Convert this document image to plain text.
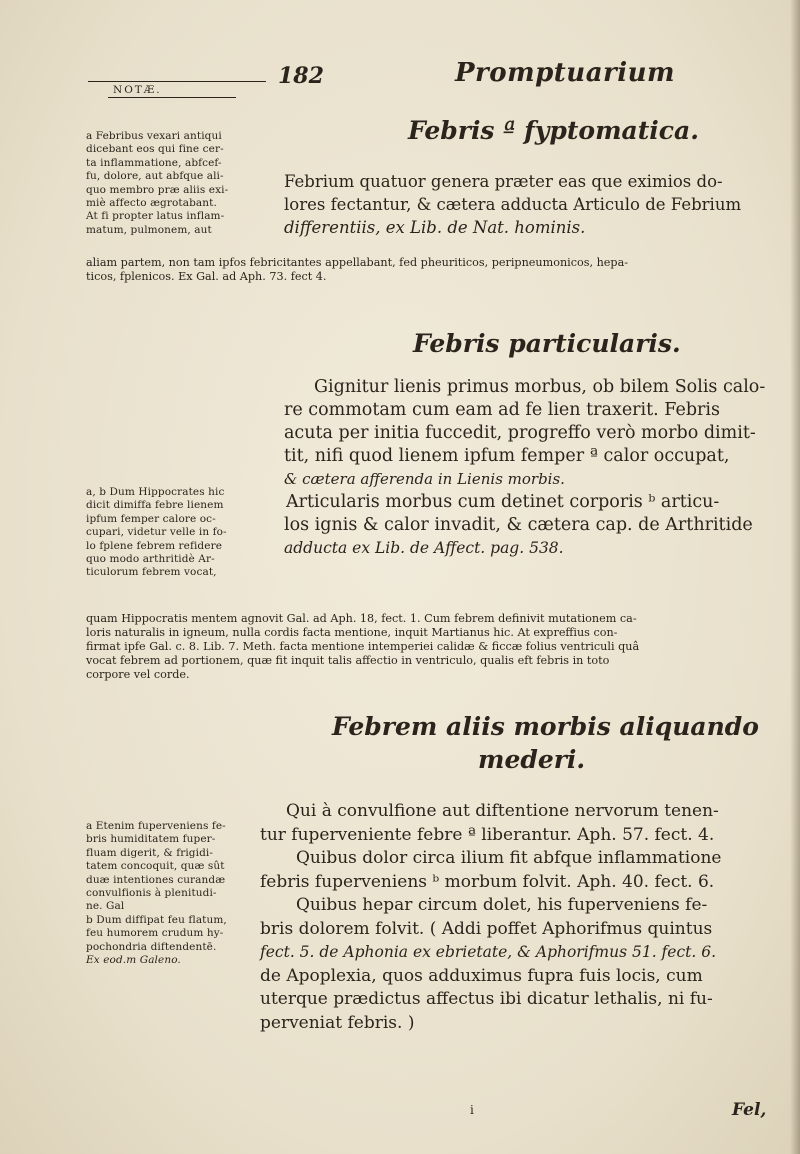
NOTÆ.
182	Promptuarium
Febris ª fyptomatica.
a Febribus vexari antiqui
dicebant eos qui fine cer-
ta inflammatione, abfcef-
fu, dolore, aut abfque ali-
quo membro præ aliis exi-
miè affecto ægrotabant.
At fi propter latus inflam-
matum, pulmonem, aut
Febrium quatuor genera præter eas que eximios do-
lores fectantur, & cætera adducta Articulo de Febrium
differentiis, ex Lib. de Nat. hominis.
aliam partem, non tam ipfos febricitantes appellabant, fed pheuriticos, peripneumonicos, hepa-
ticos, fplenicos. Ex Gal. ad Aph. 73. fect 4.
Febris particularis.
Gignitur lienis primus morbus, ob bilem Solis calo-
re commotam cum eam ad fe lien traxerit. Febris
acuta per initia fuccedit, progreffo verò morbo dimit-
tit, nifi quod lienem ipfum femper ª calor occupat,
& cætera afferenda in Lienis morbis.
Articularis morbus cum detinet corporis ᵇ articu-
los ignis & calor invadit, & cætera cap. de Arthritide
adducta ex Lib. de Affect. pag. 538.
a, b Dum Hippocrates hic
dicit dimiffa febre lienem
ipfum femper calore oc-
cupari, videtur velle in fo-
lo fplene febrem refidere
quo modo arthritidè Ar-
ticulorum febrem vocat,
quam Hippocratis mentem agnovit Gal. ad Aph. 18, fect. 1. Cum febrem definivit mutationem ca-
loris naturalis in igneum, nulla cordis facta mentione, inquit Martianus hic. At expreffius con-
firmat ipfe Gal. c. 8. Lib. 7. Meth. facta mentione intemperiei calidæ & ficcæ folius ventriculi quâ
vocat febrem ad portionem, quæ fit inquit talis affectio in ventriculo, qualis eft febris in toto
corpore vel corde.
Febrem aliis morbis aliquando
mederi.
Qui à convulfione aut diftentione nervorum tenen-
tur fuperveniente febre ª liberantur. Aph. 57. fect. 4.
Quibus dolor circa ilium fit abfque inflammatione
febris fuperveniens ᵇ morbum folvit. Aph. 40. fect. 6.
Quibus hepar circum dolet, his fuperveniens fe-
bris dolorem folvit. ( Addi poffet Aphorifmus quintus
fect. 5. de Aphonia ex ebrietate, & Aphorifmus 51. fect. 6.
de Apoplexia, quos adduximus fupra fuis locis, cum
uterque prædictus affectus ibi dicatur lethalis, ni fu-
perveniat febris. )
a Etenim fuperveniens fe-
bris humiditatem fuper-
fluam digerit, & frigidi-
tatem concoquit, quæ sût
duæ intentiones curandæ
convulfionis à plenitudi-
ne. Gal
b Dum diffipat feu flatum,
feu humorem crudum hy-
pochondria diftendentē.
Ex eod.m Galeno.
i	Fel,
